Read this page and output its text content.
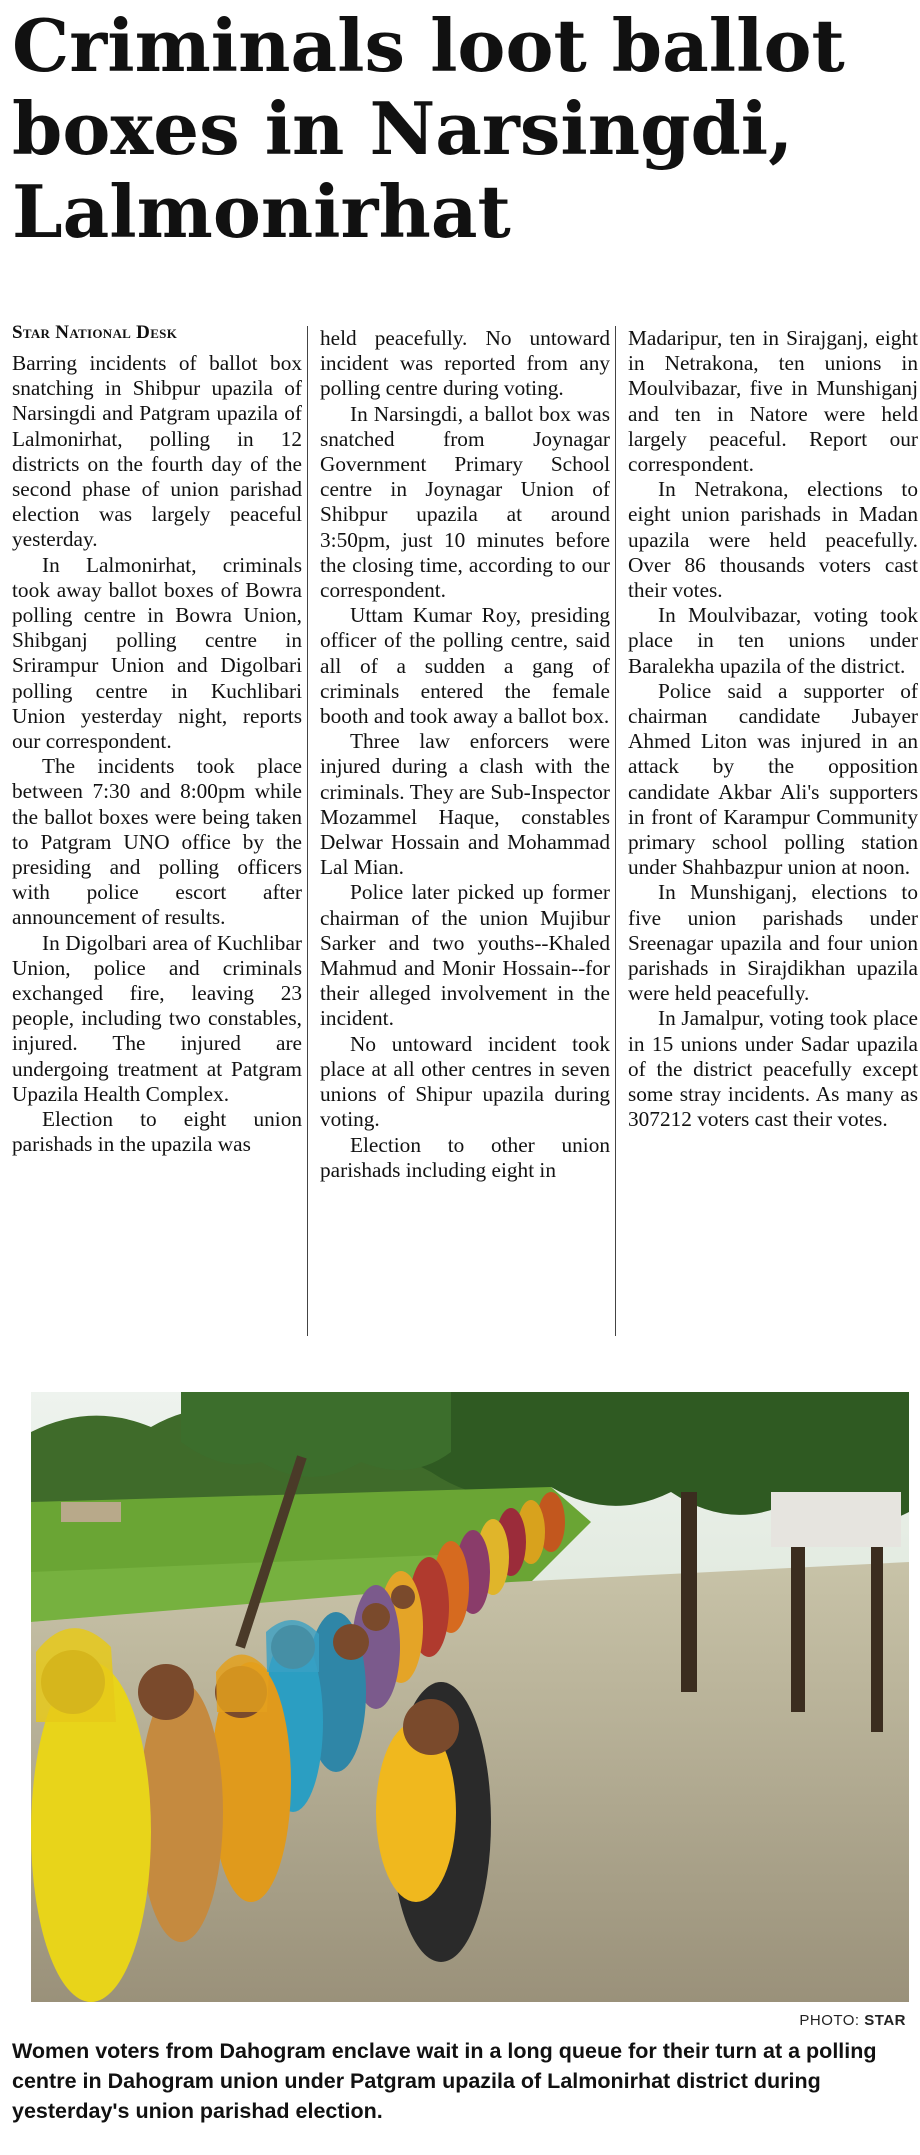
Criminals loot ballot boxes in Narsingdi, Lalmonirhat
Star National Desk

Barring incidents of ballot box snatching in Shibpur upazila of Narsingdi and Patgram upazila of Lalmonirhat, polling in 12 districts on the fourth day of the second phase of union parishad election was largely peaceful yesterday.

In Lalmonirhat, criminals took away ballot boxes of Bowra polling centre in Bowra Union, Shibganj polling centre in Srirampur Union and Digolbari polling centre in Kuchlibari Union yesterday night, reports our correspondent.

The incidents took place between 7:30 and 8:00pm while the ballot boxes were being taken to Patgram UNO office by the presiding and polling officers with police escort after announcement of results.

In Digolbari area of Kuchlibar Union, police and criminals exchanged fire, leaving 23 people, including two constables, injured. The injured are undergoing treatment at Patgram Upazila Health Complex.

Election to eight union parishads in the upazila was

held peacefully. No untoward incident was reported from any polling centre during voting.

In Narsingdi, a ballot box was snatched from Joynagar Government Primary School centre in Joynagar Union of Shibpur upazila at around 3:50pm, just 10 minutes before the closing time, according to our correspondent.

Uttam Kumar Roy, presiding officer of the polling centre, said all of a sudden a gang of criminals entered the female booth and took away a ballot box.

Three law enforcers were injured during a clash with the criminals. They are Sub-Inspector Mozammel Haque, constables Delwar Hossain and Mohammad Lal Mian.

Police later picked up former chairman of the union Mujibur Sarker and two youths--Khaled Mahmud and Monir Hossain--for their alleged involvement in the incident.

No untoward incident took place at all other centres in seven unions of Shipur upazila during voting.

Election to other union parishads including eight in

Madaripur, ten in Sirajganj, eight in Netrakona, ten unions in Moulvibazar, five in Munshiganj and ten in Natore were held largely peaceful. Report our correspondent.

In Netrakona, elections to eight union parishads in Madan upazila were held peacefully. Over 86 thousands voters cast their votes.

In Moulvibazar, voting took place in ten unions under Baralekha upazila of the district.

Police said a supporter of chairman candidate Jubayer Ahmed Liton was injured in an attack by the opposition candidate Akbar Ali's supporters in front of Karampur Community primary school polling station under Shahbazpur union at noon.

In Munshiganj, elections to five union parishads under Sreenagar upazila and four union parishads in Sirajdikhan upazila were held peacefully.

In Jamalpur, voting took place in 15 unions under Sadar upazila of the district peacefully except some stray incidents. As many as 307212 voters cast their votes.

PHOTO: STAR
Women voters from Dahogram enclave wait in a long queue for their turn at a polling centre in Dahogram union under Patgram upazila of Lalmonirhat district during yesterday's union parishad election.
